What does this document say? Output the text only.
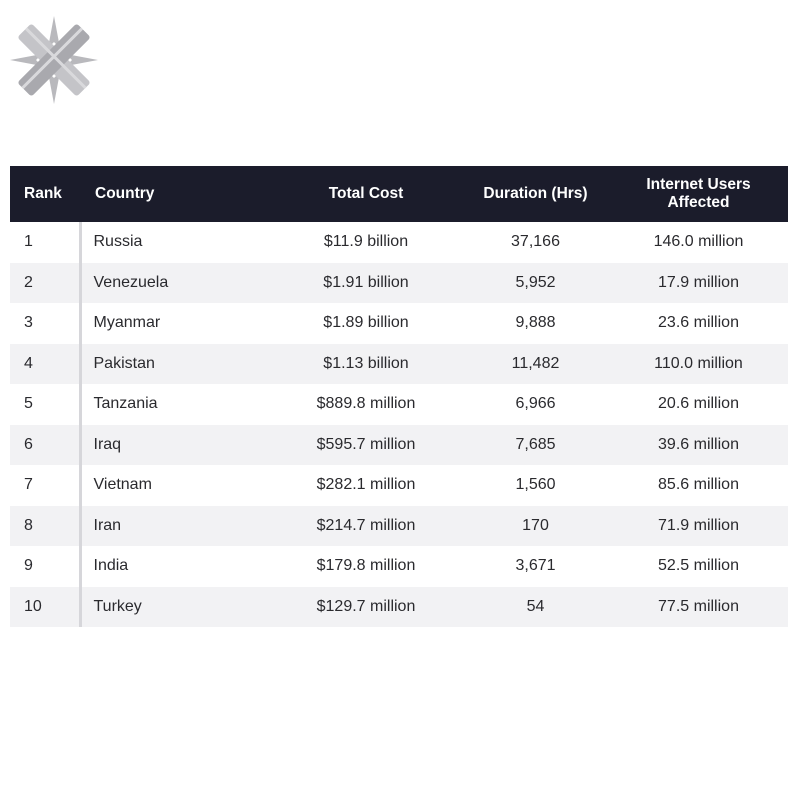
Rank	Country	Total Cost	Duration (Hrs)	Internet Users
Affected

1	Russia	$11.9 billion	37,166	146.0 million
2	Venezuela	$1.91 billion	5,952	17.9 million
3	Myanmar	$1.89 billion	9,888	23.6 million
4	Pakistan	$1.13 billion	11,482	110.0 million
5	Tanzania	$889.8 million	6,966	20.6 million
6	Iraq	$595.7 million	7,685	39.6 million
7	Vietnam	$282.1 million	1,560	85.6 million
8	Iran	$214.7 million	170	71.9 million
9	India	$179.8 million	3,671	52.5 million
10	Turkey	$129.7 million	54	77.5 million
